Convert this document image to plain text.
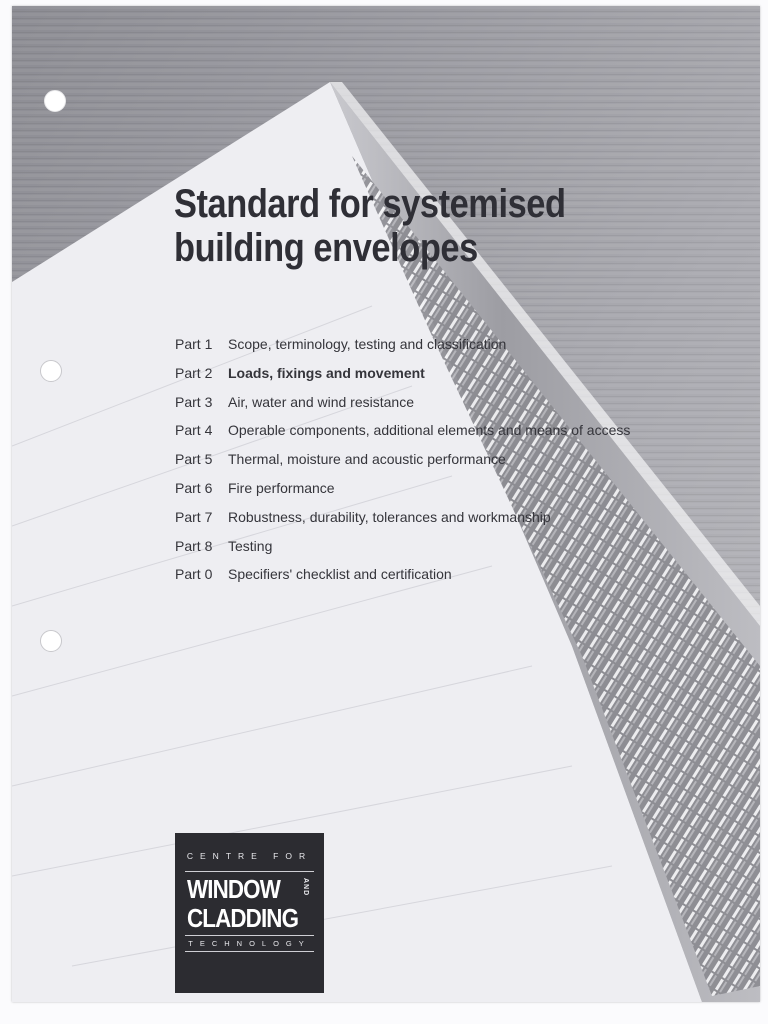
Standard for systemised
building envelopes
Part 1 Scope, terminology, testing and classification
Part 2 Loads, fixings and movement
Part 3 Air, water and wind resistance
Part 4 Operable components, additional elements and means of access
Part 5 Thermal, moisture and acoustic performance
Part 6 Fire performance
Part 7 Robustness, durability, tolerances and workmanship
Part 8 Testing
Part 0 Specifiers' checklist and certification
CENTRE FOR
WINDOW	AND
CLADDING
TECHNOLOGY
